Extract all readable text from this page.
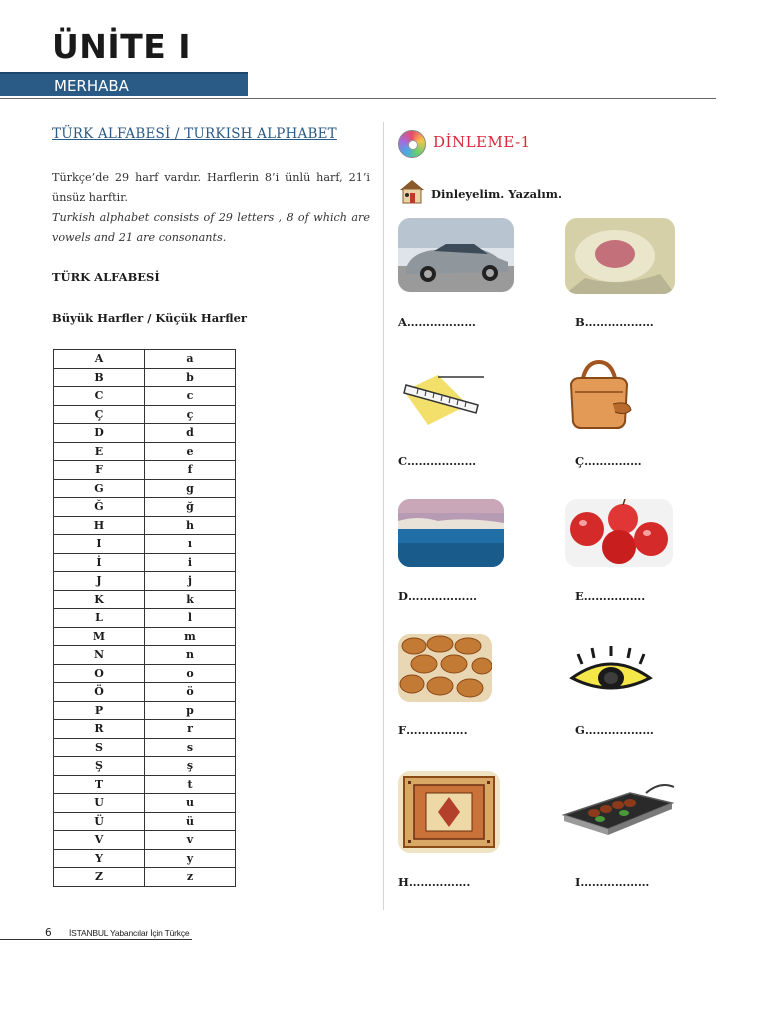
ÜNİTE I
MERHABA
TÜRK ALFABESİ / TURKISH ALPHABET
Türkçe’de 29 harf vardır. Harflerin 8’i ünlü harf, 21’i ünsüz harftir.
Turkish alphabet consists of 29 letters , 8 of which are vowels and 21 are consonants.
TÜRK ALFABESİ
Büyük Harfler / Küçük Harfler
A	a
B	b
C	c
Ç	ç
D	d
E	e
F	f
G	g
Ğ	ğ
H	h
I	ı
İ	i
J	j
K	k
L	l
M	m
N	n
O	o
Ö	ö
P	p
R	r
S	s
Ş	ş
T	t
U	u
Ü	ü
V	v
Y	y
Z	z
DİNLEME-1
Dinleyelim. Yazalım.
A………………	B………………
C………………	Ç……………
D………………	E…………….
F…………….	G………………
H…………….	I………………
6 İSTANBUL Yabancılar İçin Türkçe
